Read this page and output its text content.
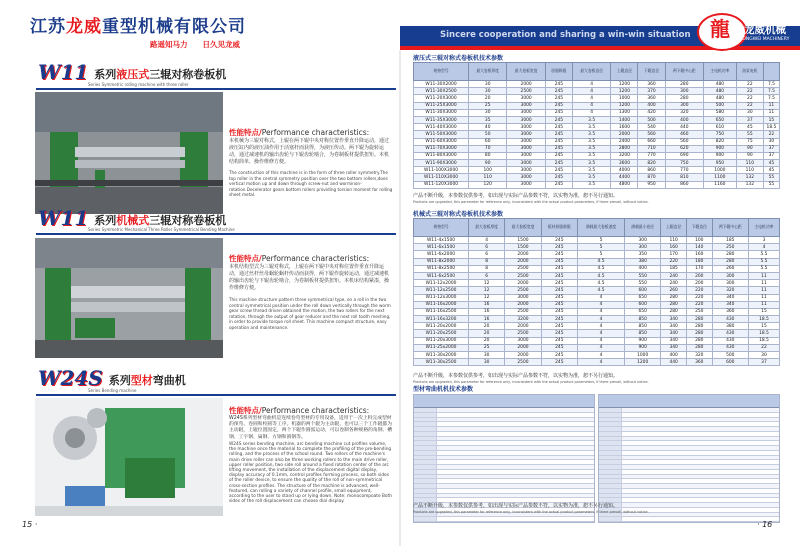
江苏龙威重型机械有限公司
路遥知马力　　日久见龙威
Sincere cooperation and sharing a win-win situation 龍 龙威机械
LONGWEI MACHINERY
W11 系列液压式三辊对称卷板机
Series Symmetric rolling machine with three roller
性能特点/Performance characteristics:
本机械为三辊对称式，上辊在两下辊中央对称位置作垂直升降运动，通过液压缸内的液压油作用于活塞杆而获得，为液压传动。两下辊为旋转运动，通过减速机的输出齿轮与下辊齿轮啮合，为卷制板材提供扭矩。本机结构简单，操作维修方便。
The construction of this machine is in the form of three roller symmetry.The top roller in the central symmetry position over the two bottom rollers,does vertical motion up and down through screw-nut and worminon-rotation.Decelerator gears bottom rollers providing torsion moment for rolling sheet metal.
W11 系列机械式三辊对称卷板机
Series Symmetric Mechanical Three Roller Symmetrical Bending Machine
性能特点/Performance characteristics:
本机结构型式为三辊对称式，上辊在两下辊中央对称位置作垂直升降运动，通过丝杆丝母蜗轮蜗杆传动而获得，两下辊作旋转运动，通过减速机的输出齿轮与下辊齿轮啮合，为卷制板材提供扭矩。本机床结构紧凑，操作维修方便。
This machine structure pattern three symmetrical type, on a roll in the two central symmetrical position under the roll down vertically through the worm gear screw thread driven obtained the motion, the two rollers for the next rotation, through the output of gear reducer and the next roll tooth meshing, in order to provide torque roll sheet. This machine compact structure, easy operation and maintenance.
W24S 系列型材弯曲机
Series Bending machine
性能特点/Performance characteristics:
W24S系列型材弯曲机是连续卷弯型材的专用设备，适用于一次上料完成型材的预弯、卷圆和校圆等工序。机器的两个辊为主动辊，也可以三个工作辊都为主动辊，上辊位置固定，两个下辊作圆弧运动，可以卷制各种规格的角钢、槽钢、工字钢、扁钢、方钢和圆钢等。
W24S series bending machine, arc bending machine cut profiles volume, the machine once the material to complete the profiling of the pre-bending rolling, and the process of the school round. Two rollers of the machine's main drive roller can also be three working rollers to the main drive roller, upper roller position, two side roll around a fixed rotation center of the arc lifting movement, the installation of the displacement digital display, display accuracy of 0.1mm, control profiles forming process, so both sides of the roller device, to ensure the quality of the roll of non-symmetrical cross-section profiles. The structure of the machine is advanced, well-featured, can rolling a variety of channel profile, small equipment, according to the user to stand up or lying down. Note: monocompoate Both sides of the roll displacement can choose dial display.
液压式三辊对称式卷板机技术参数
规格型号	最大卷板厚度	最大卷板宽度	屈服极限	最大卷板直径	上辊直径	下辊直径	两下辊中心距	主电机功率	油泵电机	
W11-30X2000	30	2000	245	4	1200	360	280	480	22	7.5
W11-30X2500	30	2500	245	4	1200	370	300	480	22	7.5
W11-20X3000	20	3000	245	4	1000	360	280	480	22	7.5
W11-25X3000	25	3000	245	4	1200	400	300	500	22	11
W11-30X3000	30	3000	245	4	1300	420	320	580	30	11
W11-35X3000	35	3000	245	3.5	1400	500	400	650	37	15
W11-40X3000	40	3000	245	3.5	1600	540	440	610	45	18.5
W11-50X3000	50	3000	245	3.5	2000	560	460	750	55	22
W11-60X3000	60	3000	245	3.5	2400	660	560	820	75	30
W11-70X3000	70	3000	245	3.5	2800	710	620	900	90	37
W11-80X3000	80	3000	245	3.5	3200	770	690	900	90	37
W11-90X3000	90	3000	245	3.5	3600	820	750	950	110	45
W11-100X3000	100	3000	245	3.5	4000	860	770	1000	110	45
W11-110X3000	110	3000	245	3.5	4400	870	810	1100	132	55
W11-120X3000	120	3000	245	3.5	4800	950	860	1160	132	55
产品不断升级，本参数仅供参考，如出现与实际产品参数不符，以实物为准，恕不另行通知。
Products are upgraded, this parameter for reference only, inconsistent with the actual product parameters, if there prevail, without notice.
机械式三辊对称式卷板机技术参数
规格型号	最大卷板厚度	最大卷板宽度	板材屈服极限	满载最大卷板速度	满载最小卷径	上辊直径	下辊直径	两下辊中心距	主电机功率
W11-4x1500	4	1500	245	5	300	110	100	185	3
W11-6x1500	6	1500	245	5	300	160	140	250	4
W11-6x2000	6	2000	245	5	350	170	160	280	5.5
W11-8x2000	8	2000	245	4.5	380	220	180	280	5.5
W11-8x2500	8	2500	245	4.5	400	185	170	260	5.5
W11-6x2500	6	2500	245	4.5	550	240	200	300	11
W11-12x2000	12	2000	245	4.5	550	240	200	300	11
W11-12x2500	12	2500	245	4.5	600	260	220	320	11
W11-12x3000	12	3000	245	4	650	280	220	340	11
W11-16x2000	16	2000	245	4	600	280	220	340	11
W11-16x2500	16	2500	245	4	650	280	250	360	15
W11-16x3200	16	3200	245	4	850	340	280	430	18.5
W11-20x2000	20	2000	245	4	850	340	280	380	15
W11-20x2500	20	2500	245	4	850	340	280	430	18.5
W11-20x3000	20	3000	245	4	900	340	280	430	18.5
W11-25x2000	25	2000	245	4	900	340	280	430	22
W11-30x2000	30	2000	245	4	1000	400	320	500	30
W11-30x2500	30	2500	245	4	1200	440	360	600	37
产品不断升级，本参数仅供参考，如出现与实际产品参数不符，以实物为准，恕不另行通知。
Products are upgraded, this parameter for reference only, inconsistent with the actual product parameters, if there prevail, without notice.
型材弯曲机机技术参数
产品不断升级，本参数仅供参考，如出现与实际产品参数不符，以实物为准，恕不另行通知。
Products are upgraded, this parameter for reference only, inconsistent with the actual product parameters, if there prevail, without notice.
15 ·	· 16
